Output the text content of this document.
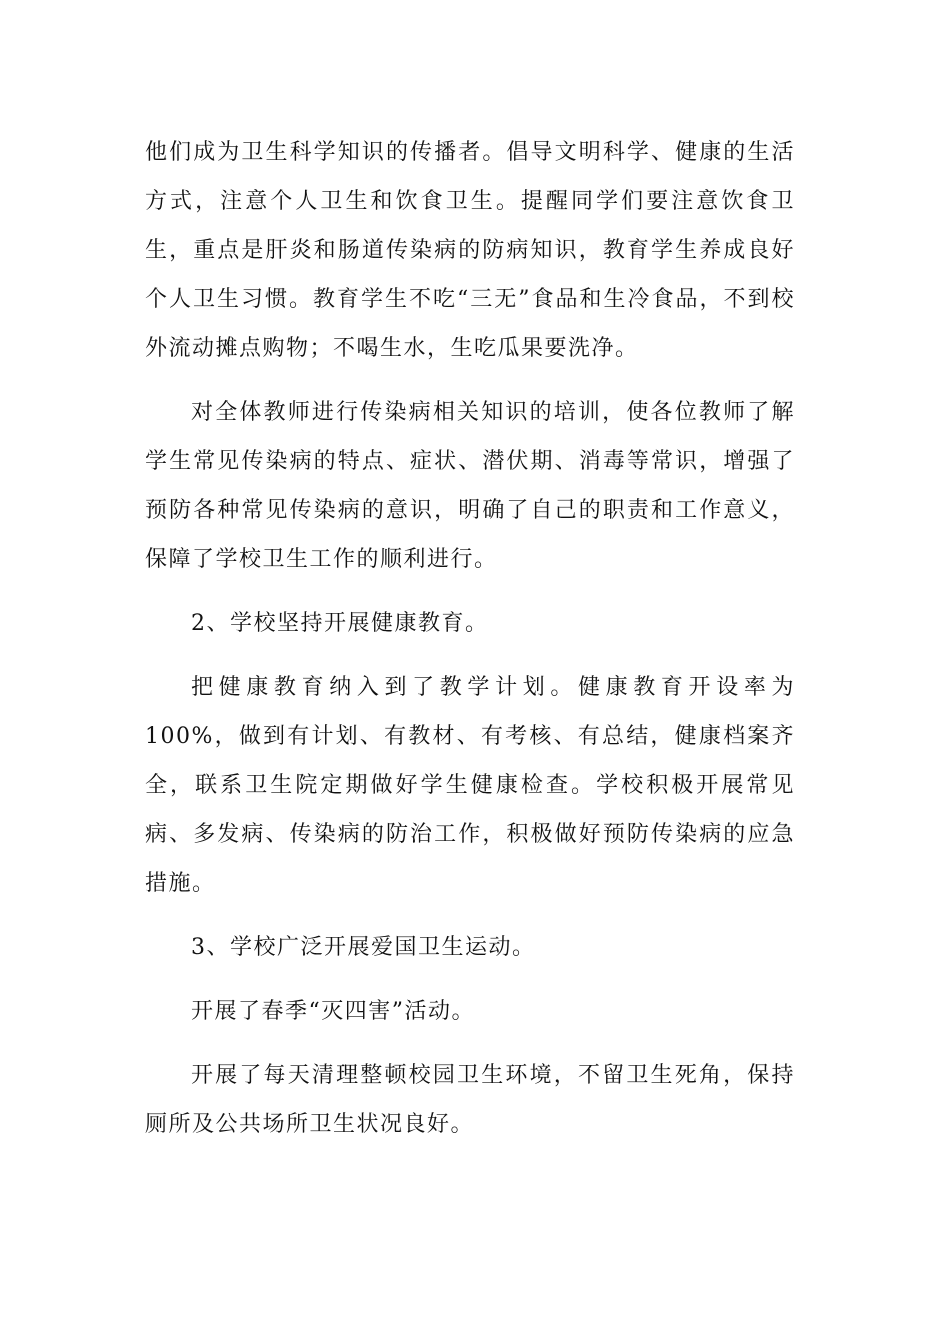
他们成为卫生科学知识的传播者。倡导文明科学、健康的生活方式，注意个人卫生和饮食卫生。提醒同学们要注意饮食卫生，重点是肝炎和肠道传染病的防病知识，教育学生养成良好个人卫生习惯。教育学生不吃“三无”食品和生冷食品，不到校外流动摊点购物；不喝生水，生吃瓜果要洗净。

对全体教师进行传染病相关知识的培训，使各位教师了解学生常见传染病的特点、症状、潜伏期、消毒等常识，增强了预防各种常见传染病的意识，明确了自己的职责和工作意义，保障了学校卫生工作的顺利进行。

2、学校坚持开展健康教育。

把健康教育纳入到了教学计划。健康教育开设率为100%，做到有计划、有教材、有考核、有总结，健康档案齐全，联系卫生院定期做好学生健康检查。学校积极开展常见病、多发病、传染病的防治工作，积极做好预防传染病的应急措施。

3、学校广泛开展爱国卫生运动。

开展了春季“灭四害”活动。

开展了每天清理整顿校园卫生环境，不留卫生死角，保持厕所及公共场所卫生状况良好。
